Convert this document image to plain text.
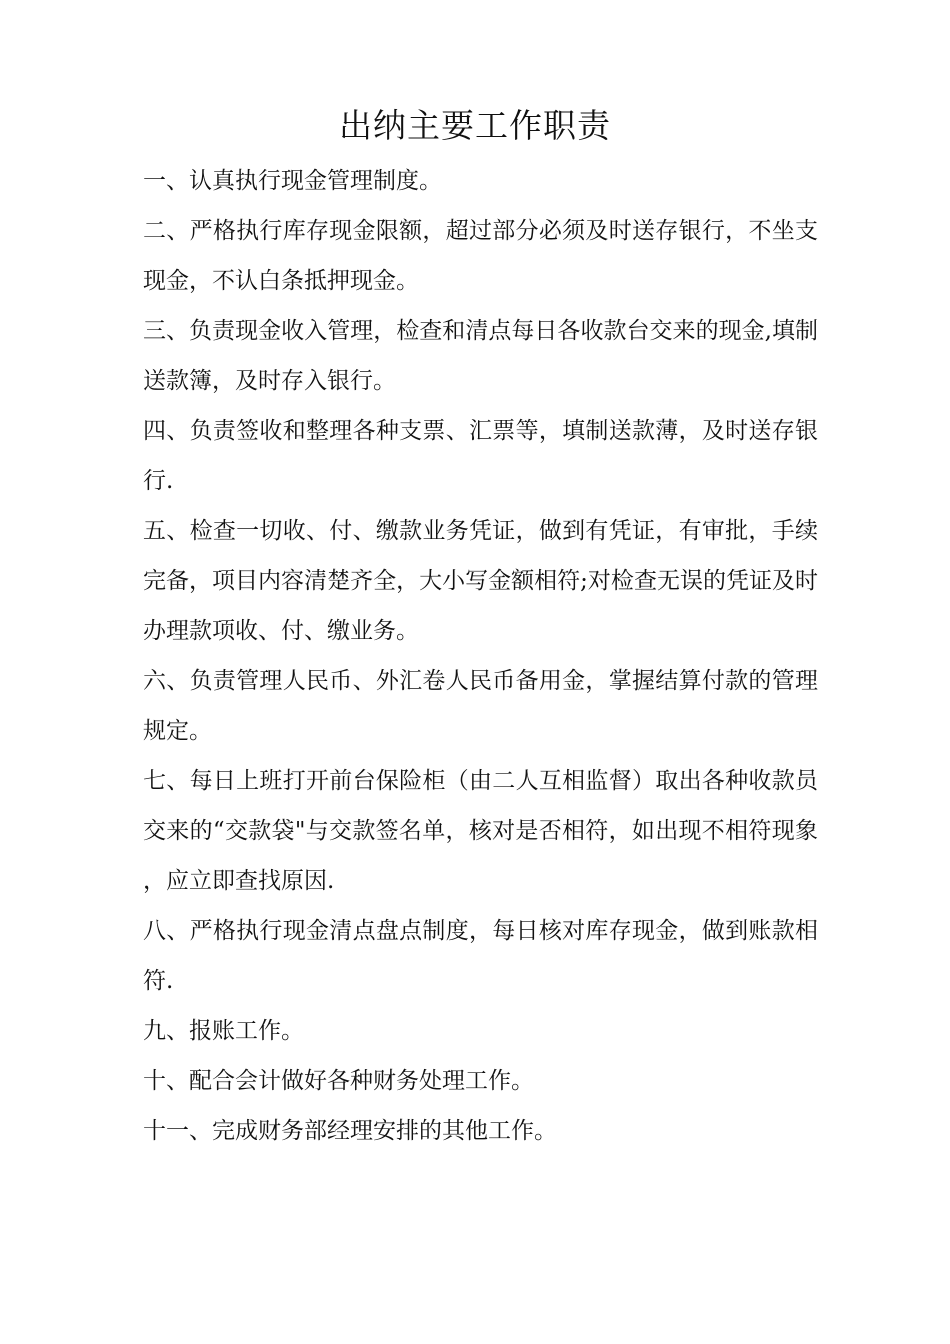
出纳主要工作职责

一、认真执行现金管理制度。

二、严格执行库存现金限额，超过部分必须及时送存银行，不坐支现金，不认白条抵押现金。

三、负责现金收入管理，检查和清点每日各收款台交来的现金,填制送款簿，及时存入银行。

四、负责签收和整理各种支票、汇票等，填制送款薄，及时送存银行.

五、检查一切收、付、缴款业务凭证，做到有凭证，有审批，手续完备，项目内容清楚齐全，大小写金额相符;对检查无误的凭证及时办理款项收、付、缴业务。

六、负责管理人民币、外汇卷人民币备用金，掌握结算付款的管理规定。

七、每日上班打开前台保险柜（由二人互相监督）取出各种收款员交来的“交款袋"与交款签名单，核对是否相符，如出现不相符现象，应立即查找原因.

八、严格执行现金清点盘点制度，每日核对库存现金，做到账款相符.

九、报账工作。

十、配合会计做好各种财务处理工作。

十一、完成财务部经理安排的其他工作。
